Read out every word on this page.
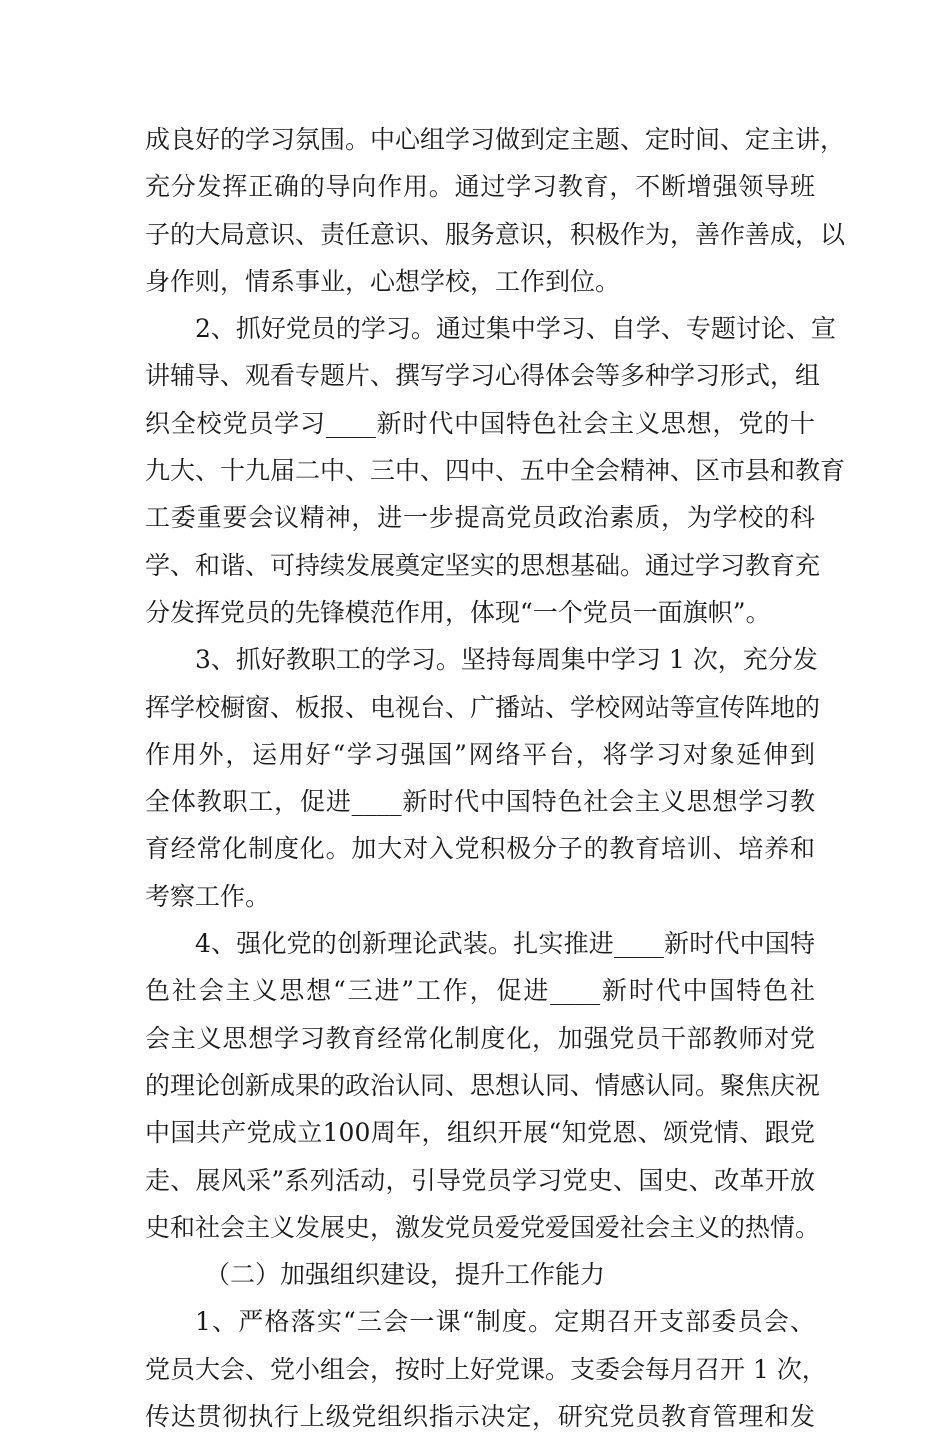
成良好的学习氛围。中心组学习做到定主题、定时间、定主讲，
充分发挥正确的导向作用。通过学习教育，不断增强领导班
子的大局意识、责任意识、服务意识，积极作为，善作善成，以
身作则，情系事业，心想学校，工作到位。
2、抓好党员的学习。通过集中学习、自学、专题讨论、宣
讲辅导、观看专题片、撰写学习心得体会等多种学习形式，组
织全校党员学习____新时代中国特色社会主义思想，党的十
九大、十九届二中、三中、四中、五中全会精神、区市县和教育
工委重要会议精神，进一步提高党员政治素质，为学校的科
学、和谐、可持续发展奠定坚实的思想基础。通过学习教育充
分发挥党员的先锋模范作用，体现“一个党员一面旗帜”。
3、抓好教职工的学习。坚持每周集中学习 1 次，充分发
挥学校橱窗、板报、电视台、广播站、学校网站等宣传阵地的
作用外，运用好“学习强国”网络平台，将学习对象延伸到
全体教职工，促进____新时代中国特色社会主义思想学习教
育经常化制度化。加大对入党积极分子的教育培训、培养和
考察工作。
4、强化党的创新理论武装。扎实推进____新时代中国特
色社会主义思想“三进”工作，促进____新时代中国特色社
会主义思想学习教育经常化制度化，加强党员干部教师对党
的理论创新成果的政治认同、思想认同、情感认同。聚焦庆祝
中国共产党成立100周年，组织开展“知党恩、颂党情、跟党
走、展风采”系列活动，引导党员学习党史、国史、改革开放
史和社会主义发展史，激发党员爱党爱国爱社会主义的热情。
（二）加强组织建设，提升工作能力
1、严格落实“三会一课“制度。定期召开支部委员会、
党员大会、党小组会，按时上好党课。支委会每月召开 1 次，
传达贯彻执行上级党组织指示决定，研究党员教育管理和发
